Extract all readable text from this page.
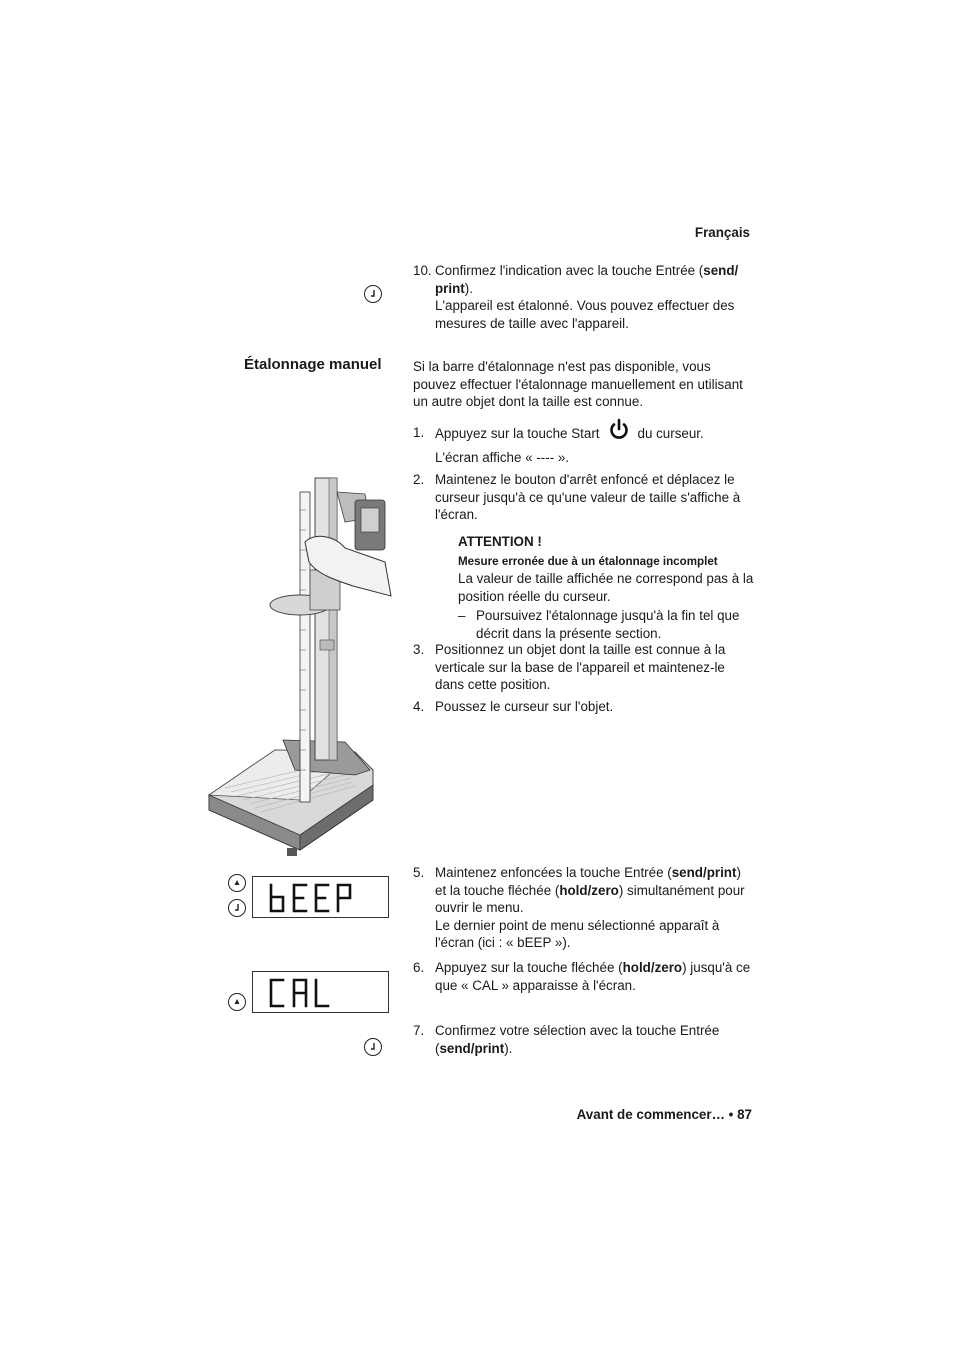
Français
10. Confirmez l'indication avec la touche Entrée (send/ print).

L'appareil est étalonné. Vous pouvez effectuer des mesures de taille avec l'appareil.

Étalonnage manuel Si la barre d'étalonnage n'est pas disponible, vous pouvez effectuer l'étalonnage manuellement en utilisant un autre objet dont la taille est connue.
1. Appuyez sur la touche Start	du curseur.

L'écran affiche « ---- ».

2. Maintenez le bouton d'arrêt enfoncé et déplacez le curseur jusqu'à ce qu'une valeur de taille s'affiche à l'écran.
ATTENTION !
Mesure erronée due à un étalonnage incomplet
La valeur de taille affichée ne correspond pas à la position réelle du curseur.
– Poursuivez l'étalonnage jusqu'à la fin tel que décrit dans la présente section.
3. Positionnez un objet dont la taille est connue à la verticale sur la base de l'appareil et maintenez-le dans cette position.
4. Poussez le curseur sur l'objet.
5. Maintenez enfoncées la touche Entrée (send/print) et la touche fléchée (hold/zero) simultanément pour ouvrir le menu.

Le dernier point de menu sélectionné apparaît à l'écran (ici : « bEEP »).

6. Appuyez sur la touche fléchée (hold/zero) jusqu'à ce que « CAL » apparaisse à l'écran.

7. Confirmez votre sélection avec la touche Entrée (send/print).

Avant de commencer… • 87
